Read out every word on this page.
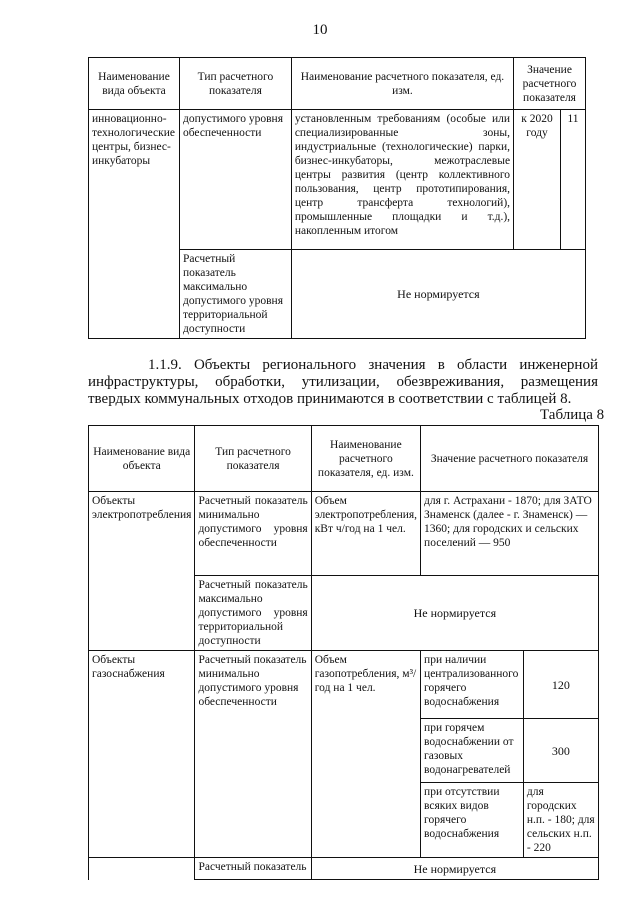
10
Наименование вида объекта	Тип расчетного показателя	Наименование расчетного показателя, ед. изм.	Значение расчетного показателя	
инновационно-технологические центры, бизнес-инкубаторы	допустимого уровня обеспеченности	установленным требованиям (особые или специализированные зоны, индустриальные (технологические) парки, бизнес-инкубаторы, межотраслевые центры развития (центр коллективного пользования, центр прототипирования, центр трансферта технологий), промышленные площадки и т.д.), накопленным итогом	к 2020 году	11
	Расчетный показатель максимально допустимого уровня территориальной доступности	Не нормируется		
1.1.9. Объекты регионального значения в области инженерной инфраструктуры, обработки, утилизации, обезвреживания, размещения твердых коммунальных отходов принимаются в соответствии с таблицей 8.
Таблица 8
Наименование вида объекта	Тип расчетного показателя	Наименование расчетного показателя, ед. изм.	Значение расчетного показателя	
Объекты электропотребления	Расчетный показатель минимально допустимого уровня обеспеченности	Объем электропотребления, кВт ч/год на 1 чел.	для г. Астрахани - 1870; для ЗАТО Знаменск (далее - г. Знаменск) — 1360; для городских и сельских поселений — 950	
	Расчетный показатель максимально допустимого уровня территориальной доступности	Не нормируется		
Объекты газоснабжения	Расчетный показатель минимально допустимого уровня обеспеченности	Объем газопотребления, м³/год на 1 чел.	при наличии централизованного горячего водоснабжения	120
			при горячем водоснабжении от газовых водонагревателей	300
			при отсутствии всяких видов горячего водоснабжения	для городских н.п. - 180; для сельских н.п. - 220
	Расчетный показатель	Не нормируется		
